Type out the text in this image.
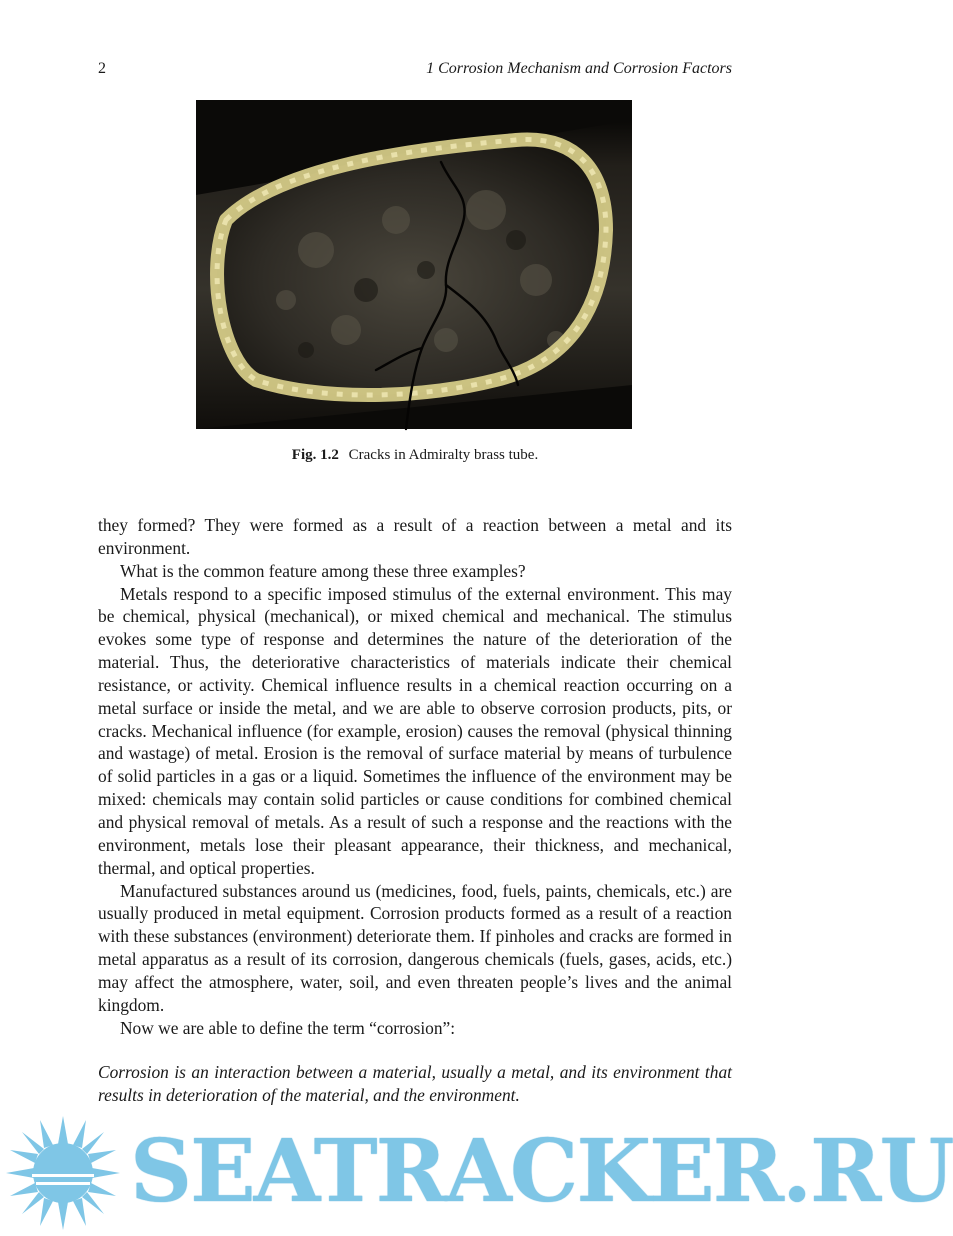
2	1 Corrosion Mechanism and Corrosion Factors
Fig. 1.2 Cracks in Admiralty brass tube.

they formed? They were formed as a result of a reaction between a metal and its environment.

What is the common feature among these three examples?

Metals respond to a specific imposed stimulus of the external environment. This may be chemical, physical (mechanical), or mixed chemical and mechanical. The stimulus evokes some type of response and determines the nature of the deterioration of the material. Thus, the deteriorative characteristics of materials indicate their chemical resistance, or activity. Chemical influence results in a chemical reaction occurring on a metal surface or inside the metal, and we are able to observe corrosion products, pits, or cracks. Mechanical influence (for example, erosion) causes the removal (physical thinning and wastage) of metal. Erosion is the removal of surface material by means of turbulence of solid particles in a gas or a liquid. Sometimes the influence of the environment may be mixed: chemicals may contain solid particles or cause conditions for combined chemical and physical removal of metals. As a result of such a response and the reactions with the environment, metals lose their pleasant appearance, their thickness, and mechanical, thermal, and optical properties.

Manufactured substances around us (medicines, food, fuels, paints, chemicals, etc.) are usually produced in metal equipment. Corrosion products formed as a result of a reaction with these substances (environment) deteriorate them. If pinholes and cracks are formed in metal apparatus as a result of its corrosion, dangerous chemicals (fuels, gases, acids, etc.) may affect the atmosphere, water, soil, and even threaten people’s lives and the animal kingdom.

Now we are able to define the term “corrosion”:

Corrosion is an interaction between a material, usually a metal, and its environment that results in deterioration of the material, and the environment.
SEATRACKER.RU
